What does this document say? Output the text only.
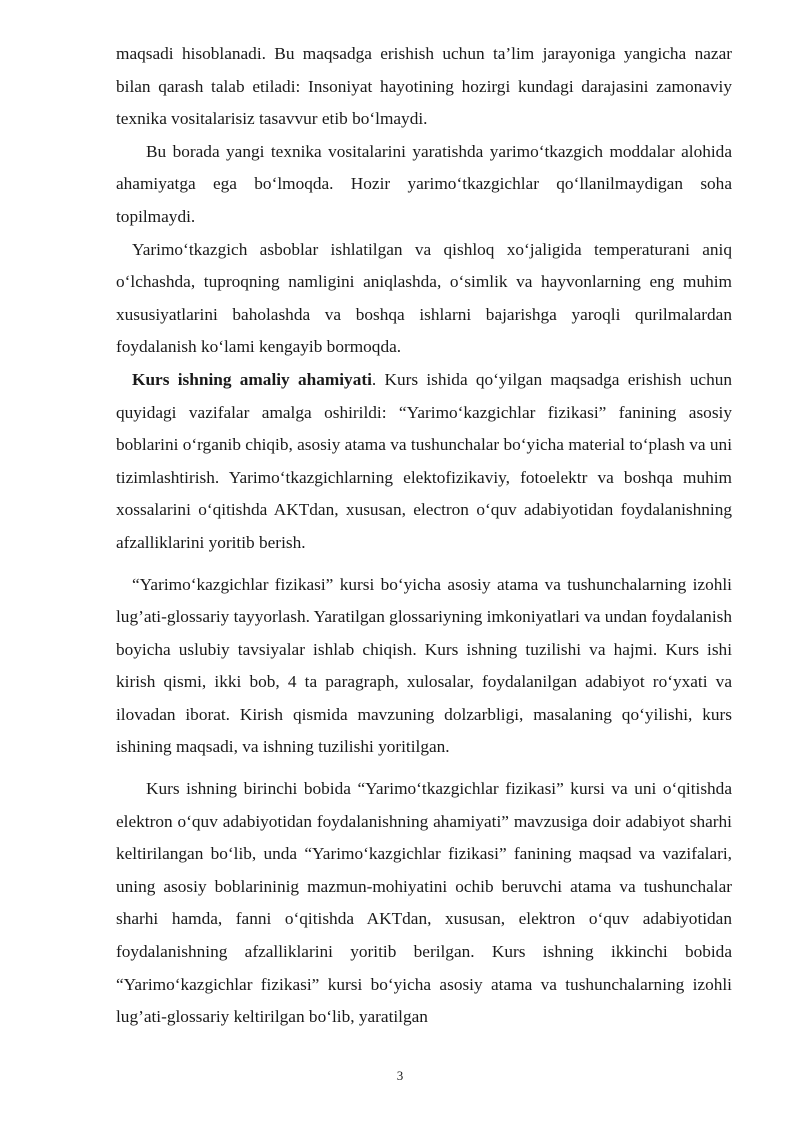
maqsadi hisoblanadi. Bu maqsadga erishish uchun ta’lim jarayoniga yangicha nazar bilan qarash talab etiladi: Insoniyat hayotining hozirgi kundagi darajasini zamonaviy texnika vositalarisiz tasavvur etib bo‘lmaydi.

Bu borada yangi texnika vositalarini yaratishda yarimo‘tkazgich moddalar alohida ahamiyatga ega bo‘lmoqda. Hozir yarimo‘tkazgichlar qo‘llanilmaydigan soha topilmaydi.

Yarimo‘tkazgich asboblar ishlatilgan va qishloq xo‘jaligida temperaturani aniq o‘lchashda, tuproqning namligini aniqlashda, o‘simlik va hayvonlarning eng muhim xususiyatlarini baholashda va boshqa ishlarni bajarishga yaroqli qurilmalardan foydalanish ko‘lami kengayib bormoqda.

Kurs ishning amaliy ahamiyati. Kurs ishida qo‘yilgan maqsadga erishish uchun quyidagi vazifalar amalga oshirildi: “Yarimo‘kazgichlar fizikasi” fanining asosiy boblarini o‘rganib chiqib, asosiy atama va tushunchalar bo‘yicha material to‘plash va uni tizimlashtirish. Yarimo‘tkazgichlarning elektofizikaviy, fotoelektr va boshqa muhim xossalarini o‘qitishda AKTdan, xususan, electron o‘quv adabiyotidan foydalanishning afzalliklarini yoritib berish.

“Yarimo‘kazgichlar fizikasi” kursi bo‘yicha asosiy atama va tushunchalarning izohli lug’ati-glossariy tayyorlash. Yaratilgan glossariyning imkoniyatlari va undan foydalanish boyicha uslubiy tavsiyalar ishlab chiqish. Kurs ishning tuzilishi va hajmi. Kurs ishi kirish qismi, ikki bob, 4 ta paragraph, xulosalar, foydalanilgan adabiyot ro‘yxati va ilovadan iborat. Kirish qismida mavzuning dolzarbligi, masalaning qo‘yilishi, kurs ishining maqsadi, va ishning tuzilishi yoritilgan.

Kurs ishning birinchi bobida “Yarimo‘tkazgichlar fizikasi” kursi va uni o‘qitishda elektron o‘quv adabiyotidan foydalanishning ahamiyati” mavzusiga doir adabiyot sharhi keltirilangan bo‘lib, unda “Yarimo‘kazgichlar fizikasi” fanining maqsad va vazifalari, uning asosiy boblarininig mazmun-mohiyatini ochib beruvchi atama va tushunchalar sharhi hamda, fanni o‘qitishda AKTdan, xususan, elektron o‘quv adabiyotidan foydalanishning afzalliklarini yoritib berilgan. Kurs ishning ikkinchi bobida “Yarimo‘kazgichlar fizikasi” kursi bo‘yicha asosiy atama va tushunchalarning izohli lug’ati-glossariy keltirilgan bo‘lib, yaratilgan

3
